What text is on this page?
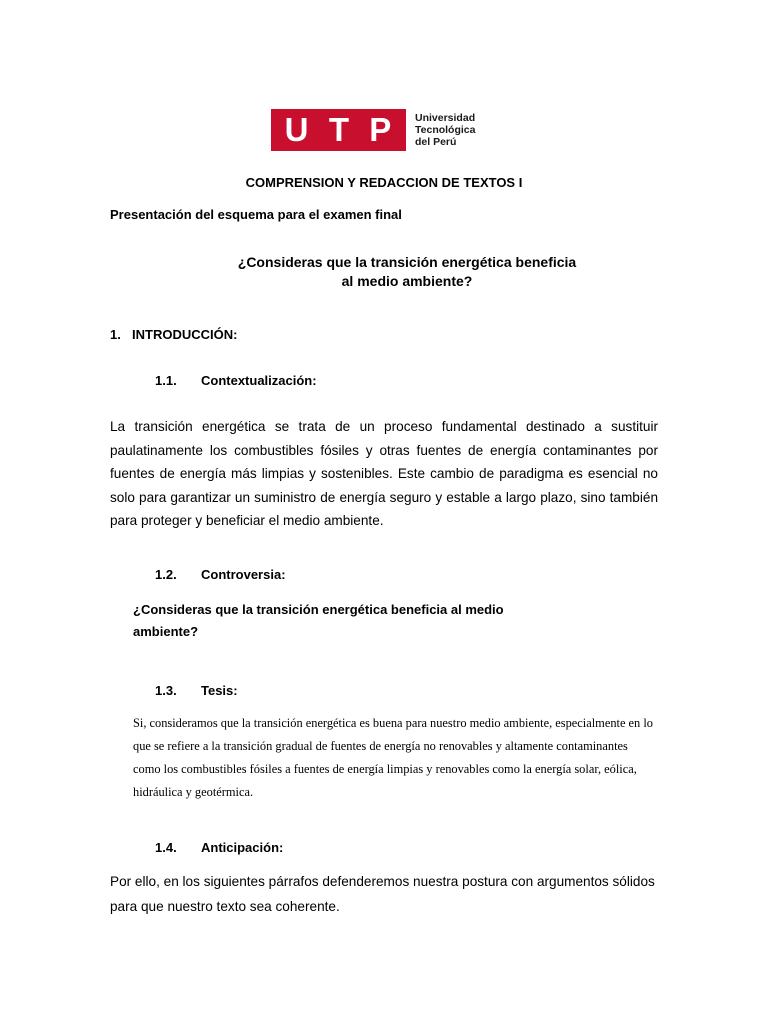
U T P Universidad
Tecnológica
del Perú
COMPRENSION Y REDACCION DE TEXTOS I
Presentación del esquema para el examen final
¿Consideras que la transición energética beneficia
al medio ambiente?
1. INTRODUCCIÓN:
1.1. Contextualización:
La transición energética se trata de un proceso fundamental destinado a sustituir paulatinamente los combustibles fósiles y otras fuentes de energía contaminantes por fuentes de energía más limpias y sostenibles. Este cambio de paradigma es esencial no solo para garantizar un suministro de energía seguro y estable a largo plazo, sino también para proteger y beneficiar el medio ambiente.
1.2. Controversia:
¿Consideras que la transición energética beneficia al medio
ambiente?
1.3. Tesis:
Si, consideramos que la transición energética es buena para nuestro medio ambiente, especialmente en lo que se refiere a la transición gradual de fuentes de energía no renovables y altamente contaminantes como los combustibles fósiles a fuentes de energía limpias y renovables como la energía solar, eólica, hidráulica y geotérmica.
1.4. Anticipación:
Por ello, en los siguientes párrafos defenderemos nuestra postura con argumentos sólidos para que nuestro texto sea coherente.
